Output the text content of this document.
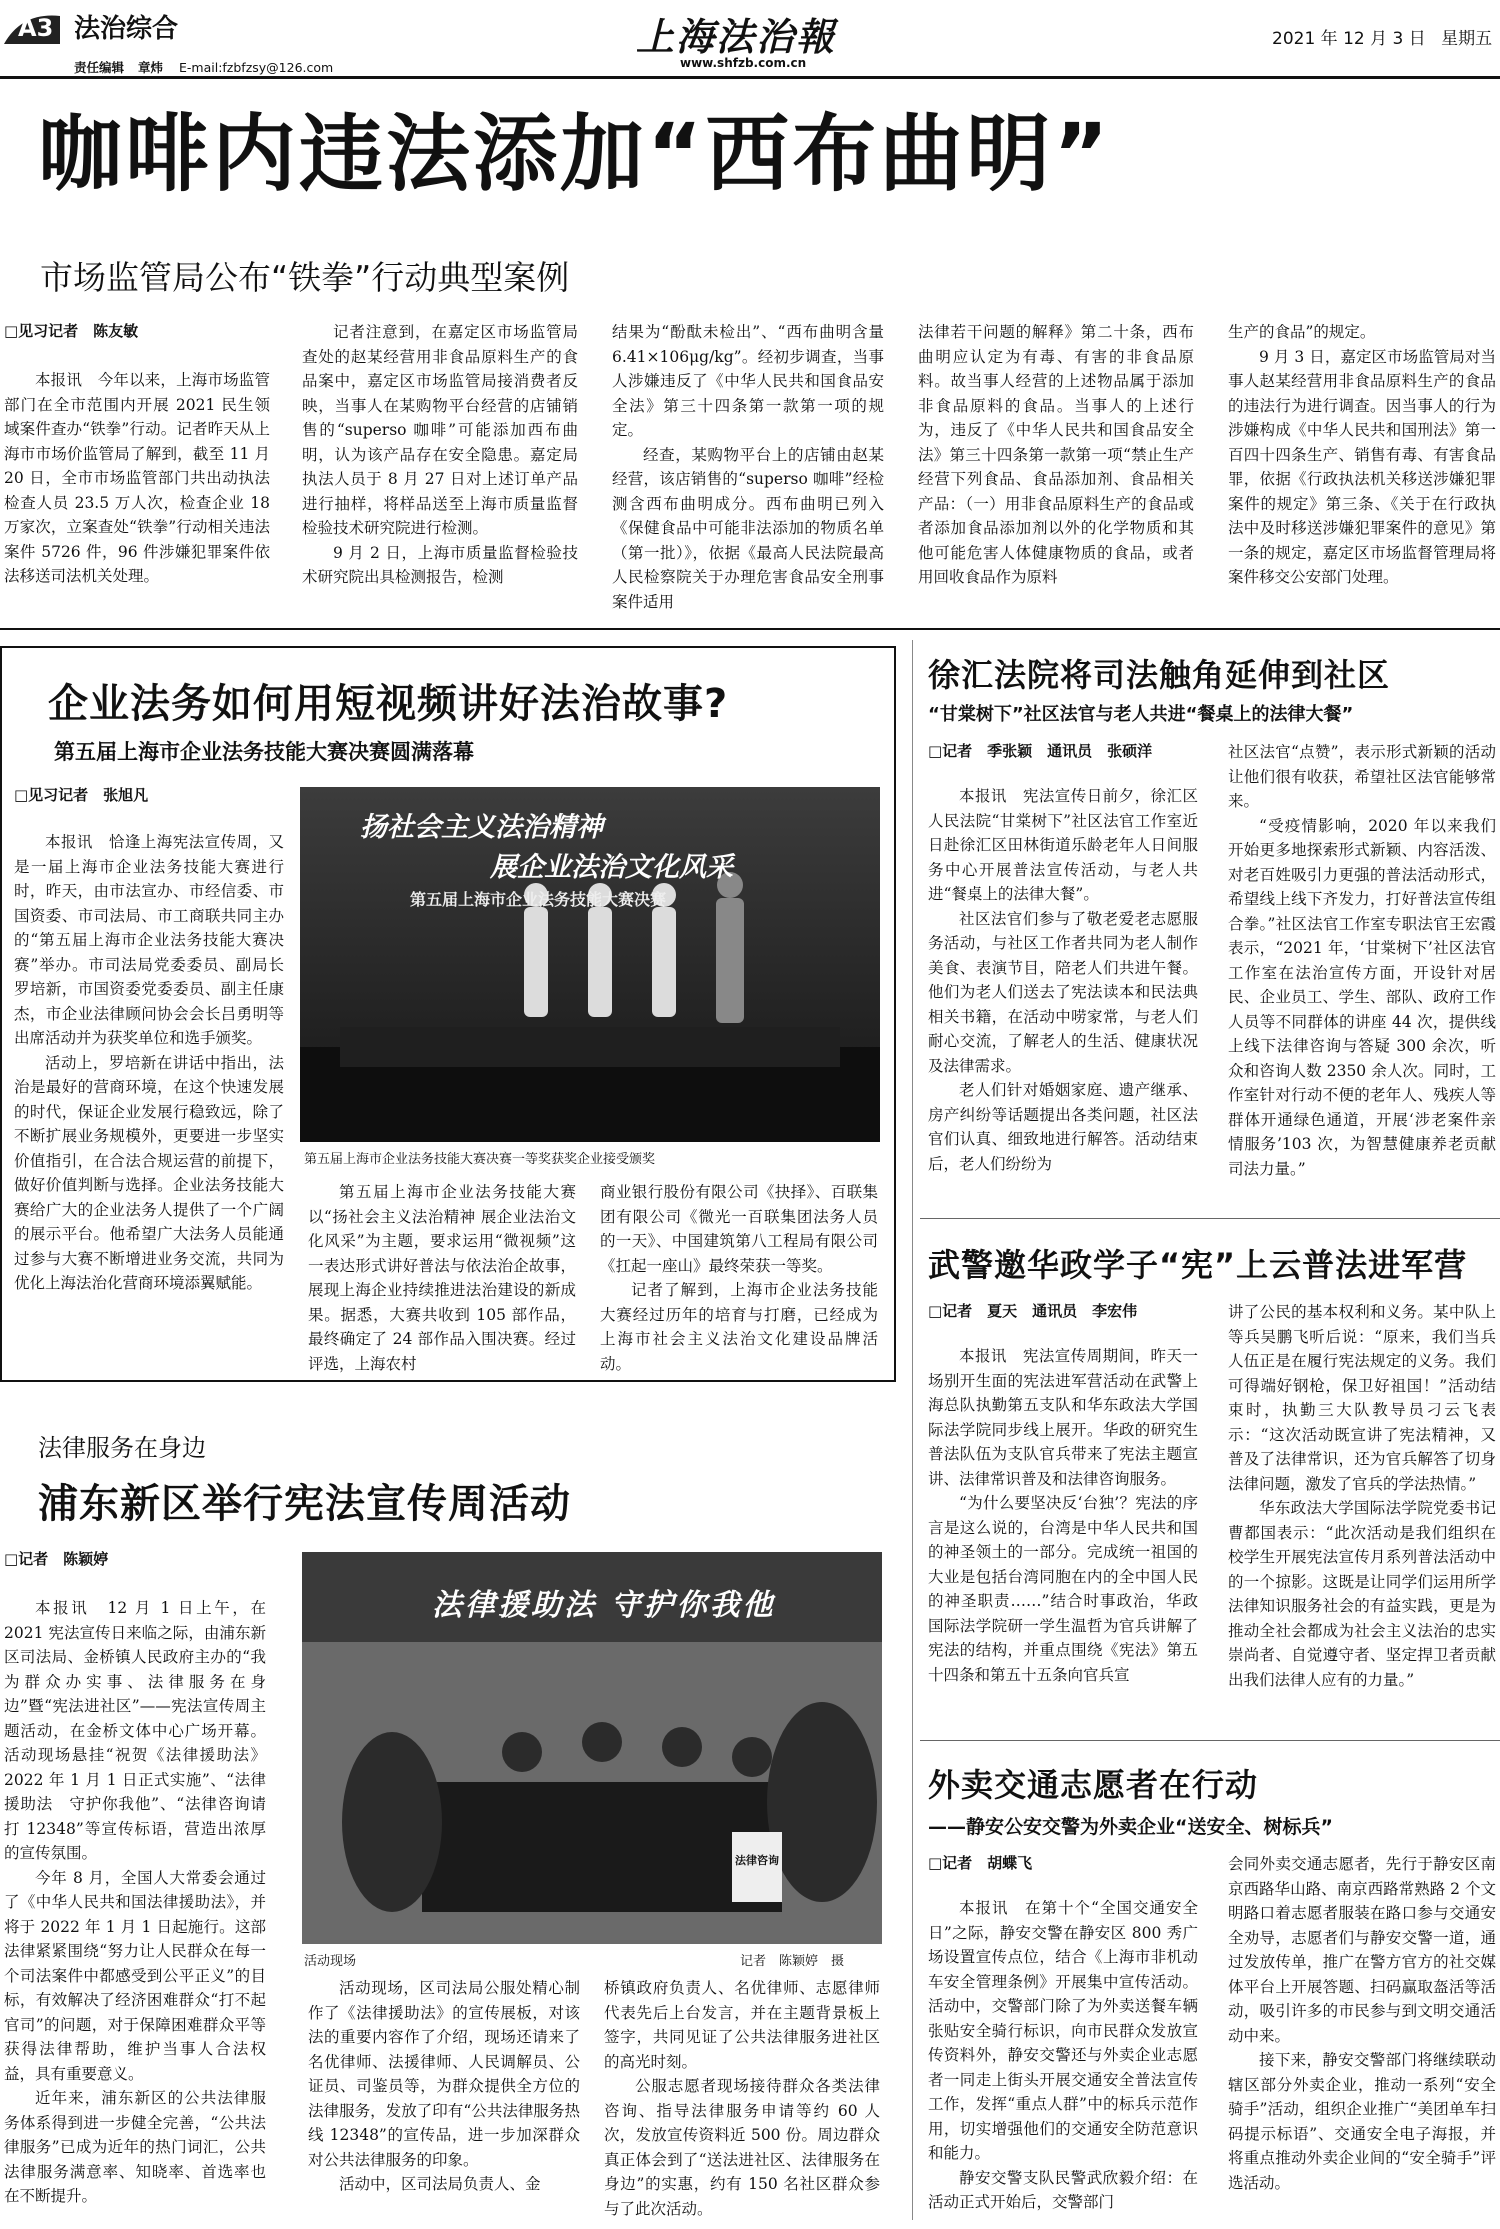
A3 法治综合
责任编辑 章炜 E-mail:fzbfzsy@126.com
上海法治報
www.shfzb.com.cn
2021 年 12 月 3 日 星期五
咖啡内违法添加“西布曲明”
市场监管局公布“铁拳”行动典型案例
□见习记者　陈友敏

本报讯　今年以来，上海市场监管部门在全市范围内开展 2021 民生领域案件查办“铁拳”行动。记者昨天从上海市市场价监管局了解到，截至 11 月 20 日，全市市场监管部门共出动执法检查人员 23.5 万人次，检查企业 18 万家次，立案查处“铁拳”行动相关违法案件 5726 件，96 件涉嫌犯罪案件依法移送司法机关处理。

记者注意到，在嘉定区市场监管局查处的赵某经营用非食品原料生产的食品案中，嘉定区市场监管局接消费者反映，当事人在某购物平台经营的店铺销售的“superso 咖啡”可能添加西布曲明，认为该产品存在安全隐患。嘉定局执法人员于 8 月 27 日对上述订单产品进行抽样，将样品送至上海市质量监督检验技术研究院进行检测。

9 月 2 日，上海市质量监督检验技术研究院出具检测报告，检测

结果为“酚酞未检出”、“西布曲明含量 6.41×106μg/kg”。经初步调查，当事人涉嫌违反了《中华人民共和国食品安全法》第三十四条第一款第一项的规定。

经查，某购物平台上的店铺由赵某经营，该店销售的“superso 咖啡”经检测含西布曲明成分。西布曲明已列入《保健食品中可能非法添加的物质名单（第一批）》，依据《最高人民法院最高人民检察院关于办理危害食品安全刑事案件适用

法律若干问题的解释》第二十条，西布曲明应认定为有毒、有害的非食品原料。故当事人经营的上述物品属于添加非食品原料的食品。当事人的上述行为，违反了《中华人民共和国食品安全法》第三十四条第一款第一项“禁止生产经营下列食品、食品添加剂、食品相关产品：（一）用非食品原料生产的食品或者添加食品添加剂以外的化学物质和其他可能危害人体健康物质的食品，或者用回收食品作为原料

生产的食品”的规定。

9 月 3 日，嘉定区市场监管局对当事人赵某经营用非食品原料生产的食品的违法行为进行调查。因当事人的行为涉嫌构成《中华人民共和国刑法》第一百四十四条生产、销售有毒、有害食品罪，依据《行政执法机关移送涉嫌犯罪案件的规定》第三条、《关于在行政执法中及时移送涉嫌犯罪案件的意见》第一条的规定，嘉定区市场监督管理局将案件移交公安部门处理。

企业法务如何用短视频讲好法治故事?
第五届上海市企业法务技能大赛决赛圆满落幕
□见习记者　张旭凡

本报讯　恰逢上海宪法宣传周，又是一届上海市企业法务技能大赛进行时，昨天，由市法宣办、市经信委、市国资委、市司法局、市工商联共同主办的“第五届上海市企业法务技能大赛决赛”举办。市司法局党委委员、副局长罗培新，市国资委党委委员、副主任康杰，市企业法律顾问协会会长吕勇明等出席活动并为获奖单位和选手颁奖。

活动上，罗培新在讲话中指出，法治是最好的营商环境，在这个快速发展的时代，保证企业发展行稳致远，除了不断扩展业务规模外，更要进一步坚实价值指引，在合法合规运营的前提下，做好价值判断与选择。企业法务技能大赛给广大的企业法务人提供了一个广阔的展示平台。他希望广大法务人员能通过参与大赛不断增进业务交流，共同为优化上海法治化营商环境添翼赋能。

扬社会主义法治精神
展企业法治文化风采
第五届上海市企业法务技能大赛决赛
第五届上海市企业法务技能大赛决赛一等奖获奖企业接受颁奖

第五届上海市企业法务技能大赛以“扬社会主义法治精神 展企业法治文化风采”为主题，要求运用“微视频”这一表达形式讲好普法与依法治企故事，展现上海企业持续推进法治建设的新成果。据悉，大赛共收到 105 部作品，最终确定了 24 部作品入围决赛。经过评选，上海农村

商业银行股份有限公司《抉择》、百联集团有限公司《微光一百联集团法务人员的一天》、中国建筑第八工程局有限公司《扛起一座山》最终荣获一等奖。

记者了解到，上海市企业法务技能大赛经过历年的培育与打磨，已经成为上海市社会主义法治文化建设品牌活动。

法律服务在身边
浦东新区举行宪法宣传周活动
□记者　陈颖婷

本报讯　12 月 1 日上午，在 2021 宪法宣传日来临之际，由浦东新区司法局、金桥镇人民政府主办的“我为群众办实事、法律服务在身边”暨“宪法进社区”——宪法宣传周主题活动，在金桥文体中心广场开幕。活动现场悬挂“祝贺《法律援助法》2022 年 1 月 1 日正式实施”、“法律援助法　守护你我他”、“法律咨询请打 12348”等宣传标语，营造出浓厚的宣传氛围。

今年 8 月，全国人大常委会通过了《中华人民共和国法律援助法》，并将于 2022 年 1 月 1 日起施行。这部法律紧紧围绕“努力让人民群众在每一个司法案件中都感受到公平正义”的目标，有效解决了经济困难群众“打不起官司”的问题，对于保障困难群众平等获得法律帮助，维护当事人合法权益，具有重要意义。

近年来，浦东新区的公共法律服务体系得到进一步健全完善，“公共法律服务”已成为近年的热门词汇，公共法律服务满意率、知晓率、首选率也在不断提升。

法律援助法 守护你我他
法律咨询
活动现场	记者　陈颖婷　摄

活动现场，区司法局公服处精心制作了《法律援助法》的宣传展板，对该法的重要内容作了介绍，现场还请来了名优律师、法援律师、人民调解员、公证员、司鉴员等，为群众提供全方位的法律服务，发放了印有“公共法律服务热线 12348”的宣传品，进一步加深群众对公共法律服务的印象。

活动中，区司法局负责人、金

桥镇政府负责人、名优律师、志愿律师代表先后上台发言，并在主题背景板上签字，共同见证了公共法律服务进社区的高光时刻。

公服志愿者现场接待群众各类法律咨询、指导法律服务申请等约 60 人次，发放宣传资料近 500 份。周边群众真正体会到了“送法进社区、法律服务在身边”的实惠，约有 150 名社区群众参与了此次活动。

徐汇法院将司法触角延伸到社区
“甘棠树下”社区法官与老人共进“餐桌上的法律大餐”
□记者　季张颖　通讯员　张硕洋

本报讯　宪法宣传日前夕，徐汇区人民法院“甘棠树下”社区法官工作室近日赴徐汇区田林街道乐龄老年人日间服务中心开展普法宣传活动，与老人共进“餐桌上的法律大餐”。

社区法官们参与了敬老爱老志愿服务活动，与社区工作者共同为老人制作美食、表演节目，陪老人们共进午餐。他们为老人们送去了宪法读本和民法典相关书籍，在活动中唠家常，与老人们耐心交流，了解老人的生活、健康状况及法律需求。

老人们针对婚姻家庭、遗产继承、房产纠纷等话题提出各类问题，社区法官们认真、细致地进行解答。活动结束后，老人们纷纷为

社区法官“点赞”，表示形式新颖的活动让他们很有收获，希望社区法官能够常来。

“受疫情影响，2020 年以来我们开始更多地探索形式新颖、内容活泼、对老百姓吸引力更强的普法活动形式，希望线上线下齐发力，打好普法宣传组合拳。”社区法官工作室专职法官王宏霞表示，“2021 年，‘甘棠树下’社区法官工作室在法治宣传方面，开设针对居民、企业员工、学生、部队、政府工作人员等不同群体的讲座 44 次，提供线上线下法律咨询与答疑 300 余次，听众和咨询人数 2350 余人次。同时，工作室针对行动不便的老年人、残疾人等群体开通绿色通道，开展‘涉老案件亲情服务’103 次，为智慧健康养老贡献司法力量。”

武警邀华政学子“宪”上云普法进军营
□记者　夏天　通讯员　李宏伟

本报讯　宪法宣传周期间，昨天一场别开生面的宪法进军营活动在武警上海总队执勤第五支队和华东政法大学国际法学院同步线上展开。华政的研究生普法队伍为支队官兵带来了宪法主题宣讲、法律常识普及和法律咨询服务。

“为什么要坚决反‘台独’？宪法的序言是这么说的，台湾是中华人民共和国的神圣领土的一部分。完成统一祖国的大业是包括台湾同胞在内的全中国人民的神圣职责……”结合时事政治，华政国际法学院研一学生温哲为官兵讲解了宪法的结构，并重点围绕《宪法》第五十四条和第五十五条向官兵宣

讲了公民的基本权利和义务。某中队上等兵吴鹏飞听后说：“原来，我们当兵人伍正是在履行宪法规定的义务。我们可得端好钢枪，保卫好祖国！”活动结束时，执勤三大队教导员刁云飞表示：“这次活动既宣讲了宪法精神，又普及了法律常识，还为官兵解答了切身法律问题，激发了官兵的学法热情。”

华东政法大学国际法学院党委书记曹都国表示：“此次活动是我们组织在校学生开展宪法宣传月系列普法活动中的一个掠影。这既是让同学们运用所学法律知识服务社会的有益实践，更是为推动全社会都成为社会主义法治的忠实崇尚者、自觉遵守者、坚定捍卫者贡献出我们法律人应有的力量。”

外卖交通志愿者在行动
——静安公安交警为外卖企业“送安全、树标兵”
□记者　胡蝶飞

本报讯　在第十个“全国交通安全日”之际，静安交警在静安区 800 秀广场设置宣传点位，结合《上海市非机动车安全管理条例》开展集中宣传活动。活动中，交警部门除了为外卖送餐车辆张贴安全骑行标识，向市民群众发放宣传资料外，静安交警还与外卖企业志愿者一同走上街头开展交通安全普法宣传工作，发挥“重点人群”中的标兵示范作用，切实增强他们的交通安全防范意识和能力。

静安交警支队民警武欣毅介绍：在活动正式开始后，交警部门

会同外卖交通志愿者，先行于静安区南京西路华山路、南京西路常熟路 2 个文明路口着志愿者服装在路口参与交通安全劝导，志愿者们与静安交警一道，通过发放传单，推广在警方官方的社交媒体平台上开展答题、扫码赢取盔活等活动，吸引许多的市民参与到文明交通活动中来。

接下来，静安交警部门将继续联动辖区部分外卖企业，推动一系列“安全骑手”活动，组织企业推广“美团单车扫码提示标语”、交通安全电子海报，并将重点推动外卖企业间的“安全骑手”评选活动。
